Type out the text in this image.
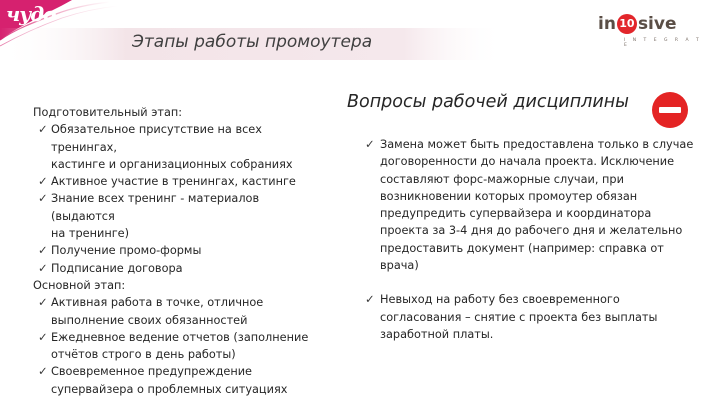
чудо
Этапы работы промоутера
in 10 sive
I N T E G R A T E
Подготовительный этап:
✓ Обязательное присутствие на всех тренингах,
кастинге и организационных собраниях
✓ Активное участие в тренингах, кастинге
✓ Знание всех тренинг - материалов (выдаются
на тренинге)
✓ Получение промо-формы
✓ Подписание договора
Основной этап:
✓ Активная работа в точке, отличное
выполнение своих обязанностей
✓ Ежедневное ведение отчетов (заполнение
отчётов строго в день работы)
✓ Своевременное предупреждение
супервайзера о проблемных ситуациях
Вопросы рабочей дисциплины
✓ Замена может быть предоставлена только в случае
договоренности до начала проекта. Исключение
составляют форс-мажорные случаи, при
возникновении которых промоутер обязан
предупредить супервайзера и координатора
проекта за 3-4 дня до рабочего дня и желательно
предоставить документ (например: справка от
врача)
✓ Невыход на работу без своевременного
согласования – снятие с проекта без выплаты
заработной платы.
